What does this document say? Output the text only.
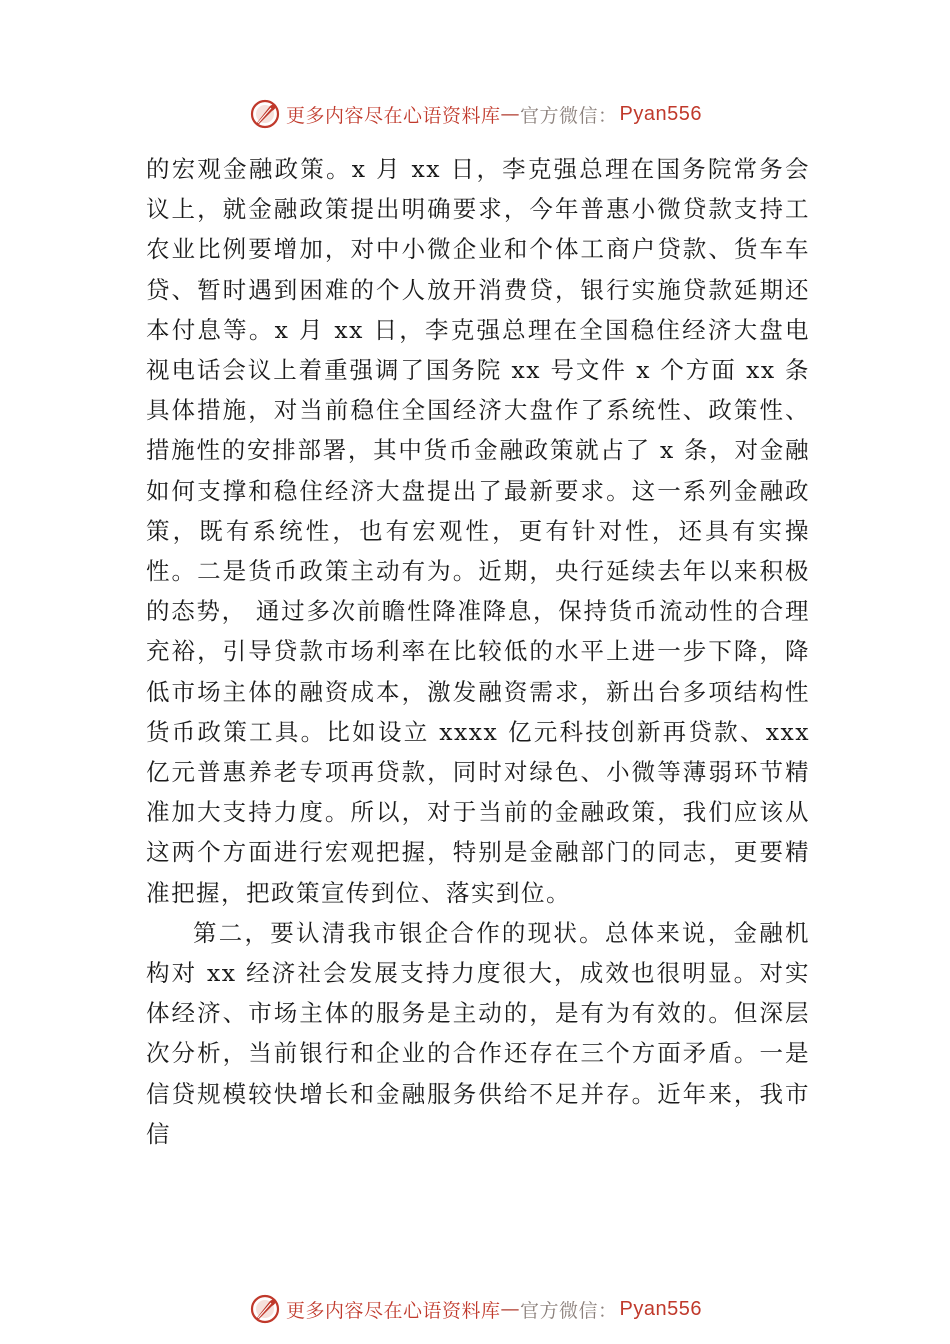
更多内容尽在心语资料库 — 官方微信： Pyan556

的宏观金融政策。x 月 xx 日，李克强总理在国务院常务会议上，就金融政策提出明确要求，今年普惠小微贷款支持工农业比例要增加，对中小微企业和个体工商户贷款、货车车贷、暂时遇到困难的个人放开消费贷，银行实施贷款延期还本付息等。x 月 xx 日，李克强总理在全国稳住经济大盘电视电话会议上着重强调了国务院 xx 号文件 x 个方面 xx 条具体措施，对当前稳住全国经济大盘作了系统性、政策性、措施性的安排部署，其中货币金融政策就占了 x 条，对金融如何支撑和稳住经济大盘提出了最新要求。这一系列金融政策，既有系统性，也有宏观性，更有针对性，还具有实操性。二是货币政策主动有为。近期，央行延续去年以来积极的态势， 通过多次前瞻性降准降息，保持货币流动性的合理充裕，引导贷款市场利率在比较低的水平上进一步下降，降低市场主体的融资成本，激发融资需求，新出台多项结构性货币政策工具。比如设立 xxxx 亿元科技创新再贷款、xxx 亿元普惠养老专项再贷款，同时对绿色、小微等薄弱环节精准加大支持力度。所以，对于当前的金融政策，我们应该从这两个方面进行宏观把握，特别是金融部门的同志，更要精准把握，把政策宣传到位、落实到位。

第二，要认清我市银企合作的现状。总体来说，金融机构对 xx 经济社会发展支持力度很大，成效也很明显。对实体经济、市场主体的服务是主动的，是有为有效的。但深层次分析，当前银行和企业的合作还存在三个方面矛盾。一是信贷规模较快增长和金融服务供给不足并存。近年来，我市信

更多内容尽在心语资料库 — 官方微信： Pyan556
